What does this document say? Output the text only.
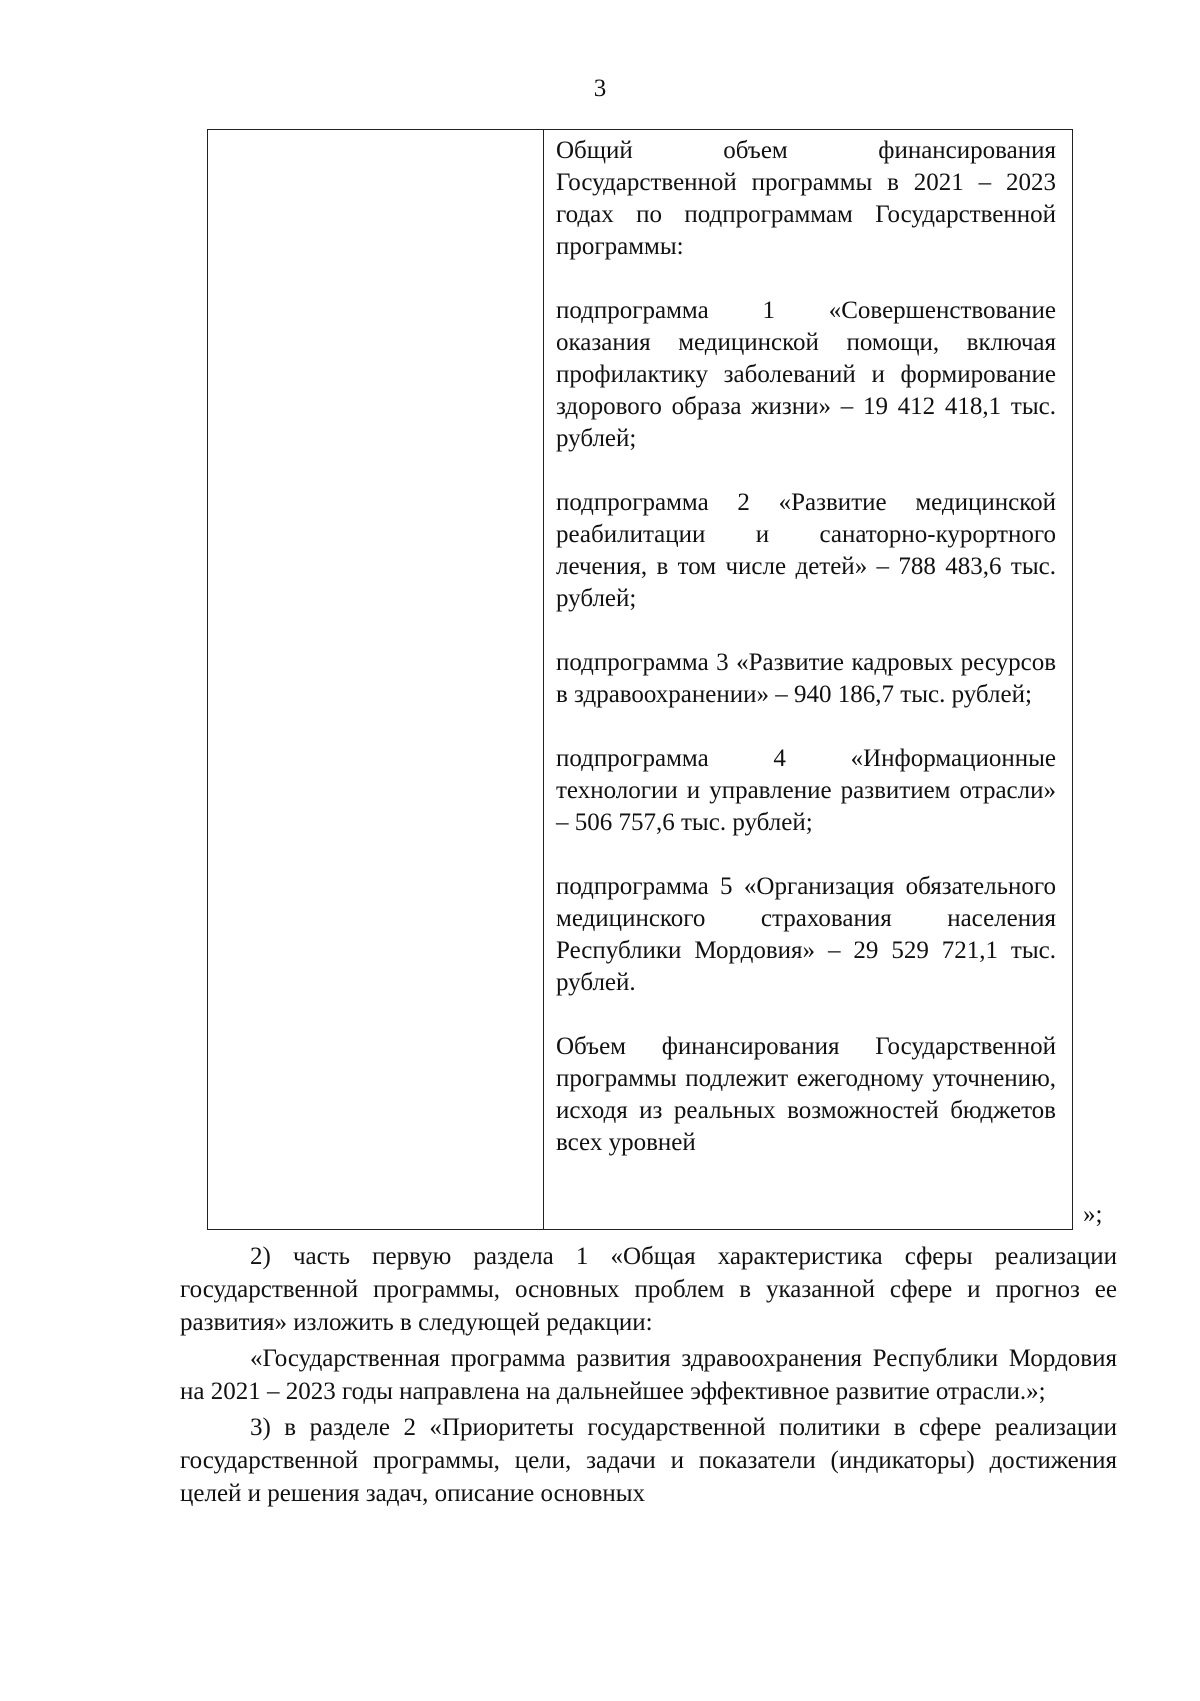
3

Общий объем финансирования Государственной программы в 2021 – 2023 годах по подпрограммам Государственной программы:

подпрограмма 1 «Совершенствование оказания медицинской помощи, включая профилактику заболеваний и формирование здорового образа жизни» – 19 412 418,1 тыс. рублей;

подпрограмма 2 «Развитие медицинской реабилитации и санаторно-курортного лечения, в том числе детей» – 788 483,6 тыс. рублей;

подпрограмма 3 «Развитие кадровых ресурсов в здравоохранении» – 940 186,7 тыс. рублей;

подпрограмма 4 «Информационные технологии и управление развитием отрасли» – 506 757,6 тыс. рублей;

подпрограмма 5 «Организация обязательного медицинского страхования населения Республики Мордовия» – 29 529 721,1 тыс. рублей.

Объем финансирования Государственной программы подлежит ежегодному уточнению, исходя из реальных возможностей бюджетов всех уровней

»;

2) часть первую раздела 1 «Общая характеристика сферы реализации государственной программы, основных проблем в указанной сфере и прогноз ее развития» изложить в следующей редакции:

«Государственная программа развития здравоохранения Республики Мордовия на 2021 – 2023 годы направлена на дальнейшее эффективное развитие отрасли.»;

3) в разделе 2 «Приоритеты государственной политики в сфере реализации государственной программы, цели, задачи и показатели (индикаторы) достижения целей и решения задач, описание основных
